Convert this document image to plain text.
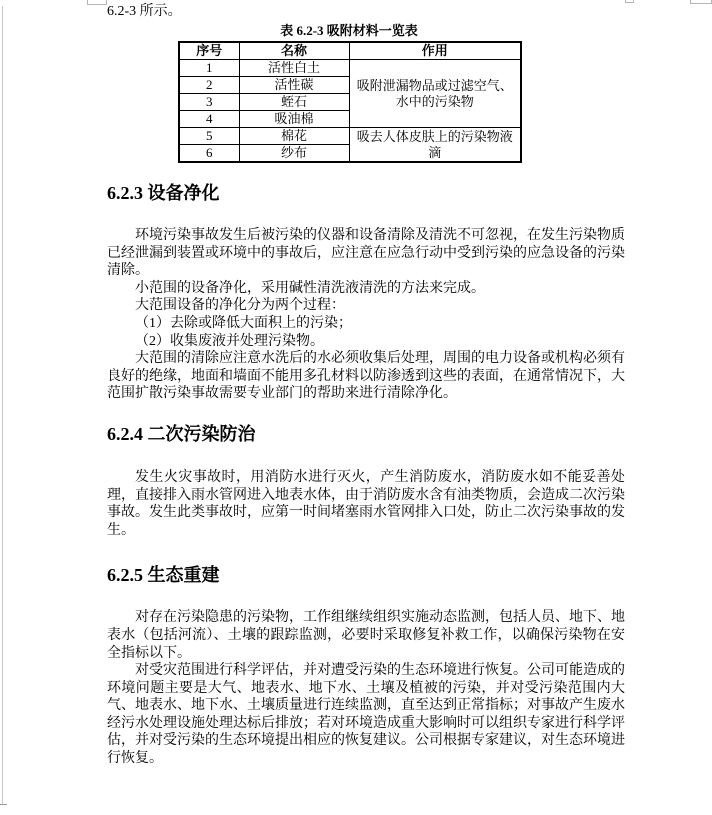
6.2-3 所示。

表 6.2-3 吸附材料一览表

序号	名称	作用
1	活性白土	吸附泄漏物品或过滤空气、水中的污染物
2	活性碳	
3	蛭石	
4	吸油棉	
5	棉花	吸去人体皮肤上的污染物液滴
6	纱布	
6.2.3 设备净化

环境污染事故发生后被污染的仪器和设备清除及清洗不可忽视，在发生污染物质已经泄漏到装置或环境中的事故后，应注意在应急行动中受到污染的应急设备的污染清除。

小范围的设备净化，采用碱性清洗液清洗的方法来完成。

大范围设备的净化分为两个过程：

（1）去除或降低大面积上的污染；

（2）收集废液并处理污染物。

大范围的清除应注意水洗后的水必须收集后处理，周围的电力设备或机构必须有良好的绝缘，地面和墙面不能用多孔材料以防渗透到这些的表面，在通常情况下，大范围扩散污染事故需要专业部门的帮助来进行清除净化。

6.2.4 二次污染防治

发生火灾事故时，用消防水进行灭火，产生消防废水，消防废水如不能妥善处理，直接排入雨水管网进入地表水体，由于消防废水含有油类物质，会造成二次污染事故。发生此类事故时，应第一时间堵塞雨水管网排入口处，防止二次污染事故的发生。

6.2.5 生态重建

对存在污染隐患的污染物，工作组继续组织实施动态监测，包括人员、地下、地表水（包括河流）、土壤的跟踪监测，必要时采取修复补救工作，以确保污染物在安全指标以下。

对受灾范围进行科学评估，并对遭受污染的生态环境进行恢复。公司可能造成的环境问题主要是大气、地表水、地下水、土壤及植被的污染，并对受污染范围内大气、地表水、地下水、土壤质量进行连续监测，直至达到正常指标；对事故产生废水经污水处理设施处理达标后排放；若对环境造成重大影响时可以组织专家进行科学评估，并对受污染的生态环境提出相应的恢复建议。公司根据专家建议，对生态环境进行恢复。
